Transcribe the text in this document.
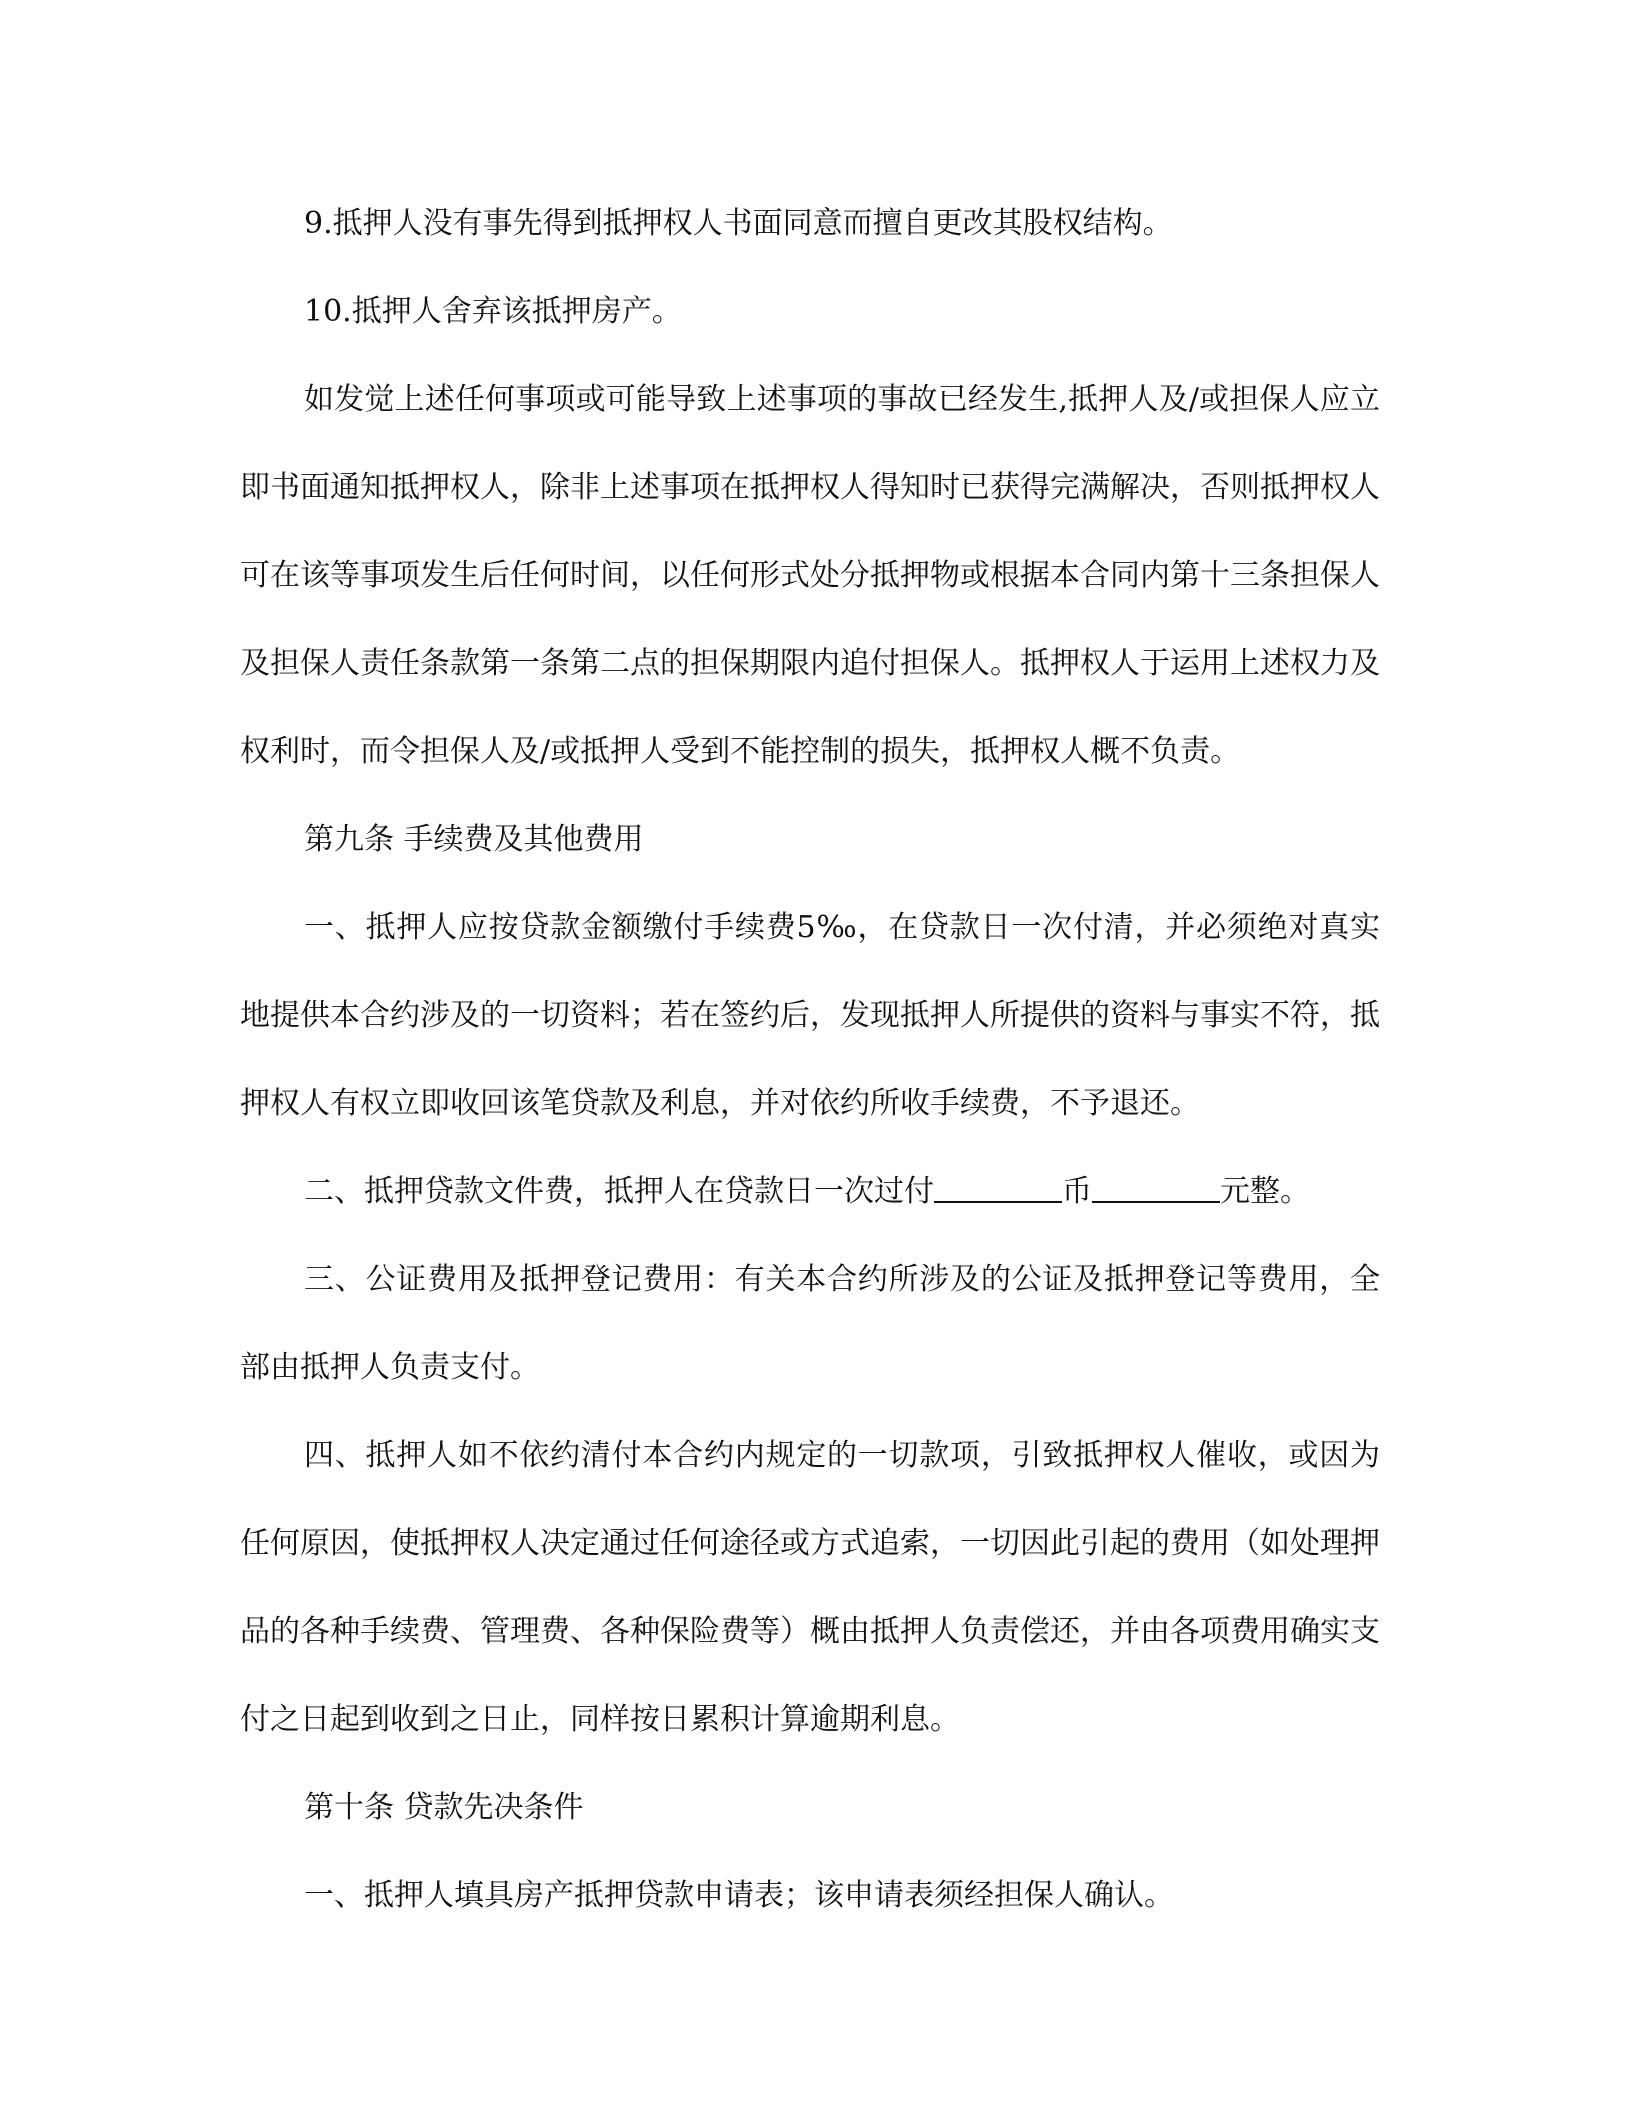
9.抵押人没有事先得到抵押权人书面同意而擅自更改其股权结构。

10.抵押人舍弃该抵押房产。

如发觉上述任何事项或可能导致上述事项的事故已经发生,抵押人及/或担保人应立即书面通知抵押权人，除非上述事项在抵押权人得知时已获得完满解决，否则抵押权人可在该等事项发生后任何时间，以任何形式处分抵押物或根据本合同内第十三条担保人及担保人责任条款第一条第二点的担保期限内追付担保人。抵押权人于运用上述权力及权利时，而令担保人及/或抵押人受到不能控制的损失，抵押权人概不负责。

第九条 手续费及其他费用

一、抵押人应按贷款金额缴付手续费5‰，在贷款日一次付清，并必须绝对真实地提供本合约涉及的一切资料；若在签约后，发现抵押人所提供的资料与事实不符，抵押权人有权立即收回该笔贷款及利息，并对依约所收手续费，不予退还。

二、抵押贷款文件费，抵押人在贷款日一次过付	币	元整。

三、公证费用及抵押登记费用：有关本合约所涉及的公证及抵押登记等费用，全部由抵押人负责支付。

四、抵押人如不依约清付本合约内规定的一切款项，引致抵押权人催收，或因为任何原因，使抵押权人决定通过任何途径或方式追索，一切因此引起的费用（如处理押品的各种手续费、管理费、各种保险费等）概由抵押人负责偿还，并由各项费用确实支付之日起到收到之日止，同样按日累积计算逾期利息。

第十条 贷款先决条件

一、抵押人填具房产抵押贷款申请表；该申请表须经担保人确认。
